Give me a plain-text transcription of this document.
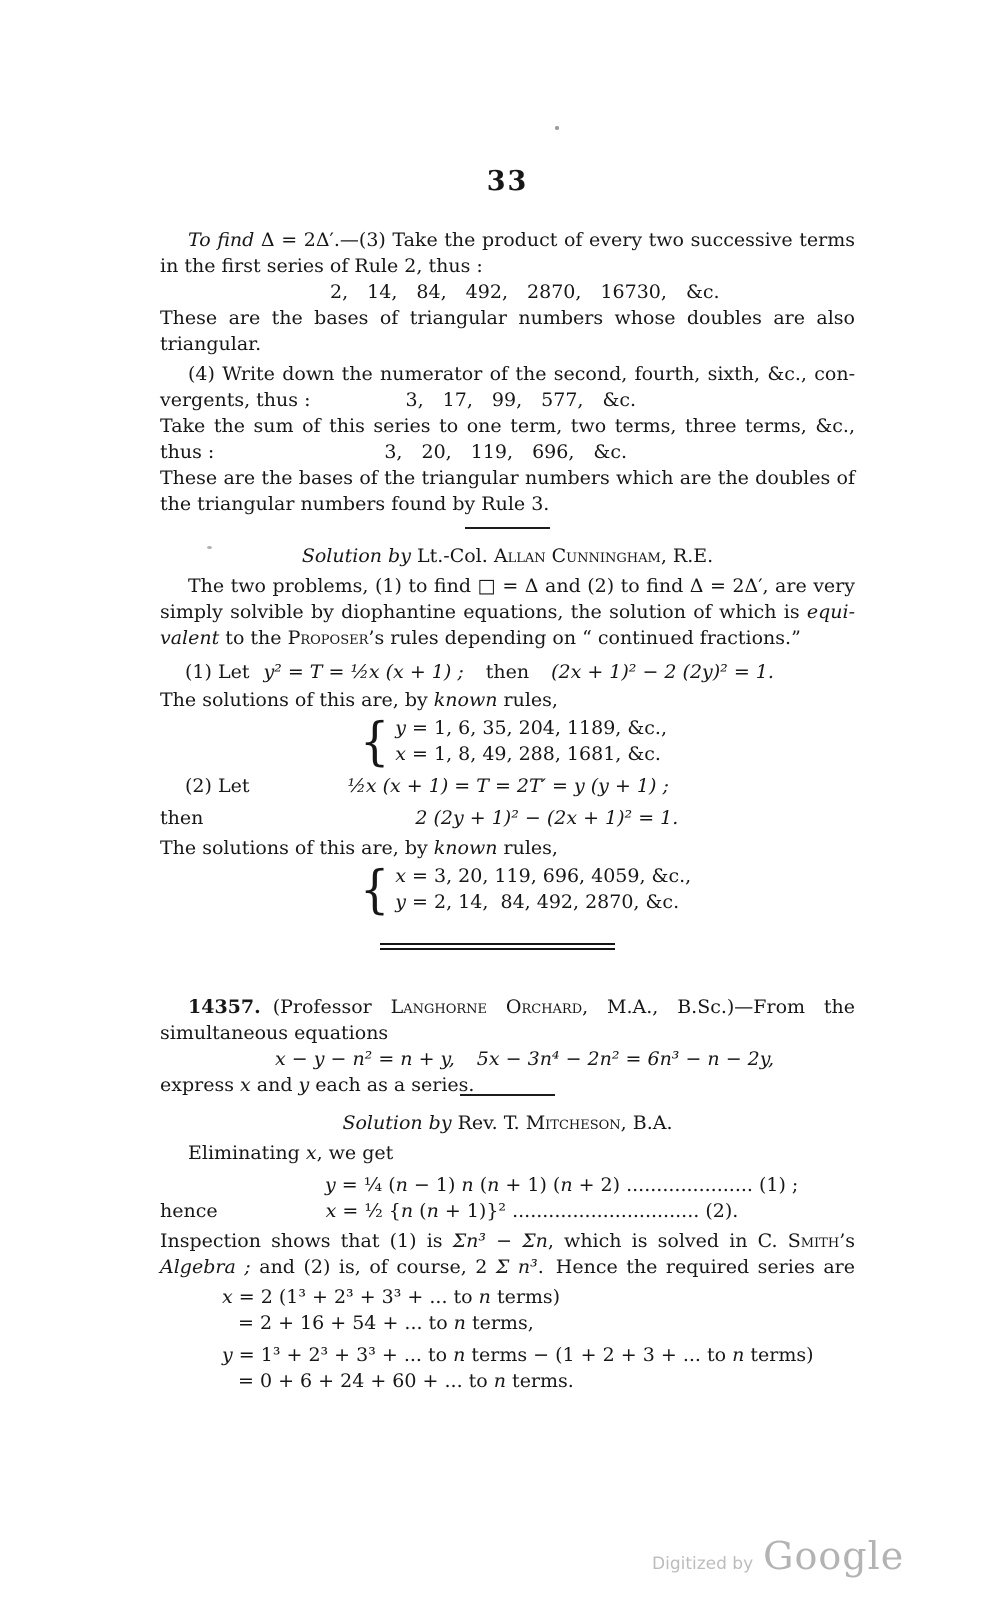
33
To find Δ = 2Δ′.—(3) Take the product of every two successive terms
in the first series of Rule 2, thus :
2, 14, 84, 492, 2870, 16730, &c.
These are the bases of triangular numbers whose doubles are also
triangular.
(4) Write down the numerator of the second, fourth, sixth, &c., con-
vergents, thus :	3, 17, 99, 577, &c.
Take the sum of this series to one term, two terms, three terms, &c.,
thus :	3, 20, 119, 696, &c.
These are the bases of the triangular numbers which are the doubles of
the triangular numbers found by Rule 3.
Solution by Lt.-Col. Allan Cunningham, R.E.
The two problems, (1) to find □ = Δ and (2) to find Δ = 2Δ′, are very
simply solvible by diophantine equations, the solution of which is equi-
valent to the Proposer’s rules depending on “ continued fractions.”
(1) Let y² = T = ½x (x + 1) ; then (2x + 1)² − 2 (2y)² = 1.
The solutions of this are, by known rules,
{ y = 1, 6, 35, 204, 1189, &c.,
x = 1, 8, 49, 288, 1681, &c.
(2) Let	½x (x + 1) = T = 2T′ = y (y + 1) ;
then	2 (2y + 1)² − (2x + 1)² = 1.
The solutions of this are, by known rules,
{ x = 3, 20, 119, 696, 4059, &c.,
y = 2, 14,  84, 492, 2870, &c.
14357. (Professor Langhorne Orchard, M.A., B.Sc.)—From the
simultaneous equations
x − y − n² = n + y, 5x − 3n⁴ − 2n² = 6n³ − n − 2y,
express x and y each as a series.
Solution by Rev. T. Mitcheson, B.A.
Eliminating x, we get
y = ¼ (n − 1) n (n + 1) (n + 2) ..................... (1) ;
hence	x = ½ {n (n + 1)}² ............................... (2).
Inspection shows that (1) is Σn³ − Σn, which is solved in C. Smith’s
Algebra ; and (2) is, of course, 2 Σ n³. Hence the required series are
x = 2 (1³ + 2³ + 3³ + ... to n terms)
= 2 + 16 + 54 + ... to n terms,
y = 1³ + 2³ + 3³ + ... to n terms − (1 + 2 + 3 + ... to n terms)
= 0 + 6 + 24 + 60 + ... to n terms.
Digitized by Google
